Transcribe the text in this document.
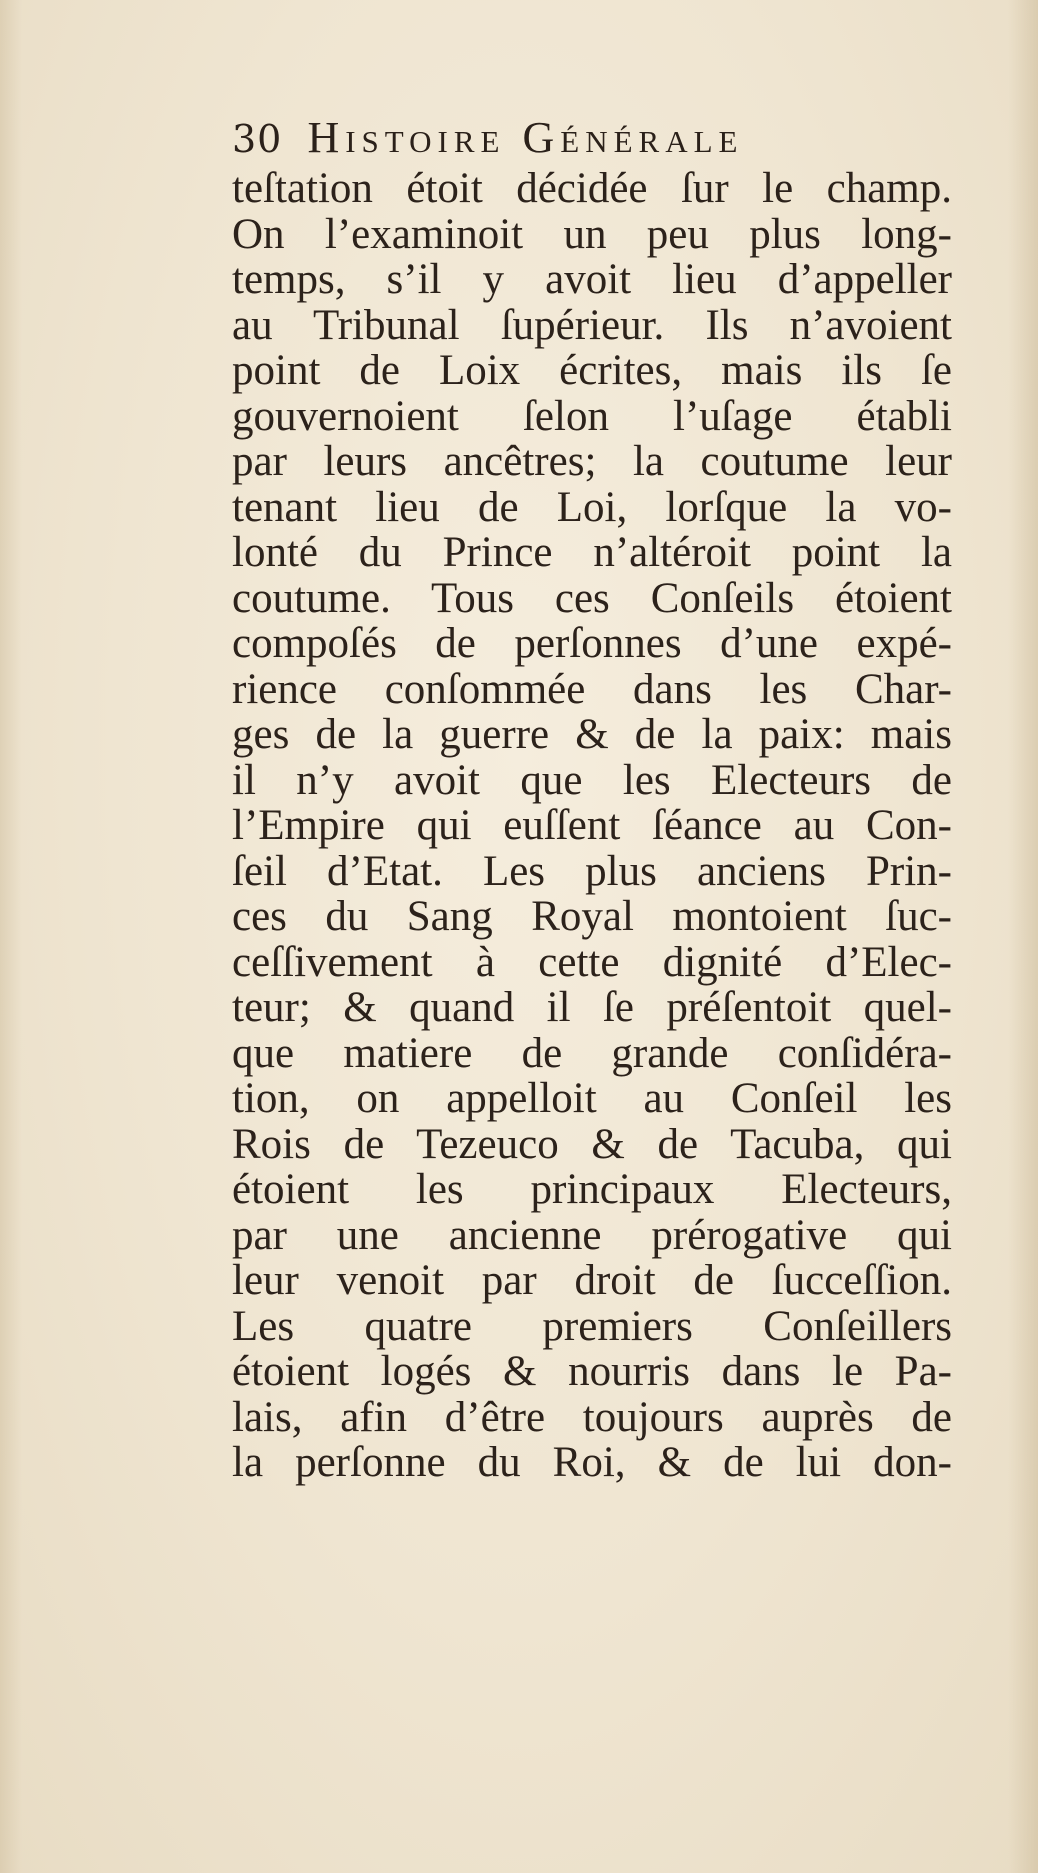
30 Histoire Générale
teſtation étoit décidée ſur le champ.
On l’examinoit un peu plus long-
temps, s’il y avoit lieu d’appeller
au Tribunal ſupérieur. Ils n’avoient
point de Loix écrites, mais ils ſe
gouvernoient ſelon l’uſage établi
par leurs ancêtres; la coutume leur
tenant lieu de Loi, lorſque la vo-
lonté du Prince n’altéroit point la
coutume. Tous ces Conſeils étoient
compoſés de perſonnes d’une expé-
rience conſommée dans les Char-
ges de la guerre & de la paix: mais
il n’y avoit que les Electeurs de
l’Empire qui euſſent ſéance au Con-
ſeil d’Etat. Les plus anciens Prin-
ces du Sang Royal montoient ſuc-
ceſſivement à cette dignité d’Elec-
teur; & quand il ſe préſentoit quel-
que matiere de grande conſidéra-
tion, on appelloit au Conſeil les
Rois de Tezeuco & de Tacuba, qui
étoient les principaux Electeurs,
par une ancienne prérogative qui
leur venoit par droit de ſucceſſion.
Les quatre premiers Conſeillers
étoient logés & nourris dans le Pa-
lais, afin d’être toujours auprès de
la perſonne du Roi, & de lui don-
